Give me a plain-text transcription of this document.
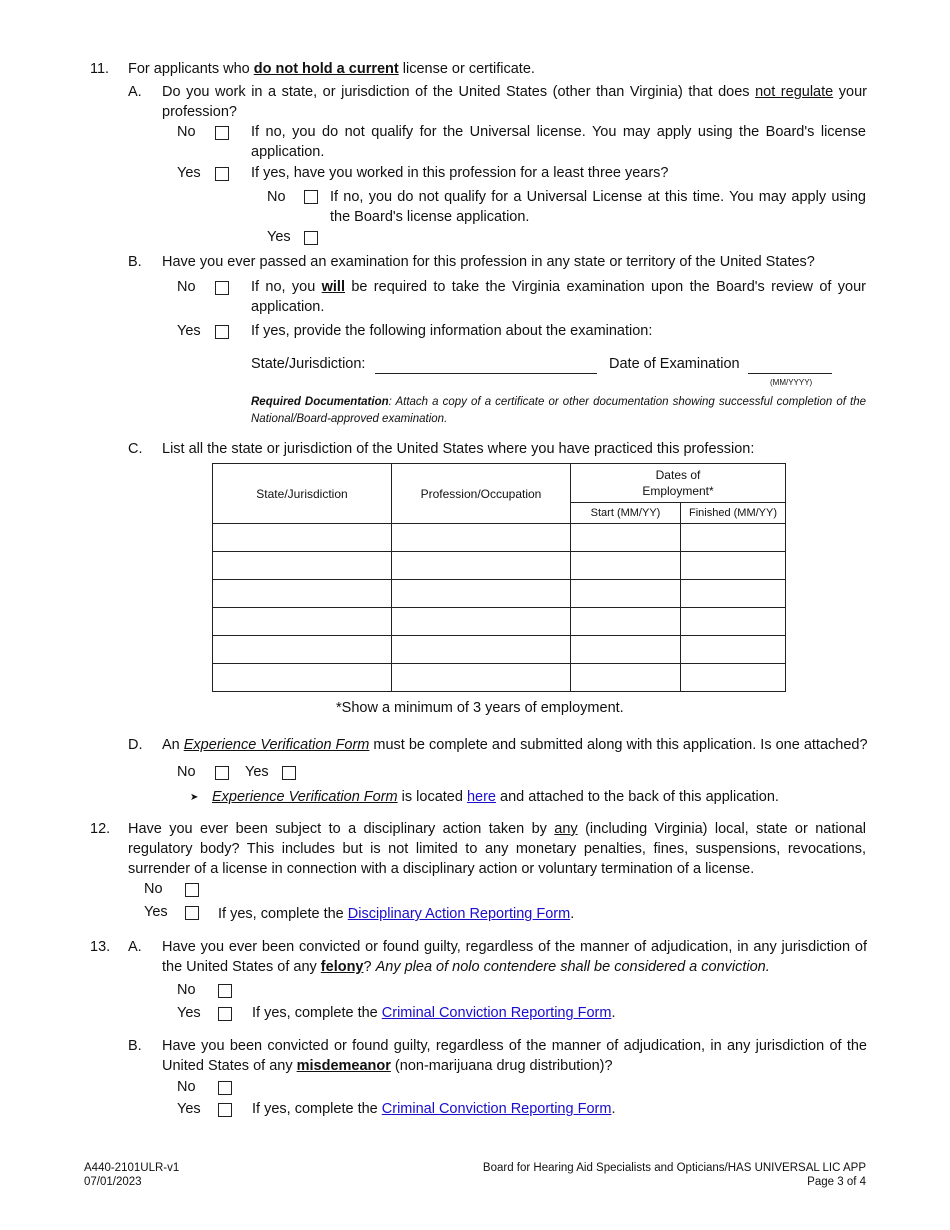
11. For applicants who do not hold a current license or certificate.
A. Do you work in a state, or jurisdiction of the United States (other than Virginia) that does not regulate your profession?
No	If no, you do not qualify for the Universal license. You may apply using the Board's license application.
Yes	If yes, have you worked in this profession for a least three years?
No	If no, you do not qualify for a Universal License at this time. You may apply using the Board's license application.
Yes
B. Have you ever passed an examination for this profession in any state or territory of the United States?
No	If no, you will be required to take the Virginia examination upon the Board's review of your application.
Yes	If yes, provide the following information about the examination:
State/Jurisdiction:	Date of Examination
(MM/YYYY)
Required Documentation: Attach a copy of a certificate or other documentation showing successful completion of the National/Board-approved examination.
C. List all the state or jurisdiction of the United States where you have practiced this profession:
State/Jurisdiction	Profession/Occupation	Dates of Employment*	

		Start (MM/YY)	Finished (MM/YY)

*Show a minimum of 3 years of employment.
D. An Experience Verification Form must be complete and submitted along with this application. Is one attached?
No	Yes
➤ Experience Verification Form is located here and attached to the back of this application.
12. Have you ever been subject to a disciplinary action taken by any (including Virginia) local, state or national regulatory body? This includes but is not limited to any monetary penalties, fines, suspensions, revocations, surrender of a license in connection with a disciplinary action or voluntary termination of a license.
No
Yes	If yes, complete the Disciplinary Action Reporting Form.
13. A. Have you ever been convicted or found guilty, regardless of the manner of adjudication, in any jurisdiction of the United States of any felony? Any plea of nolo contendere shall be considered a conviction.
No
Yes	If yes, complete the Criminal Conviction Reporting Form.
B. Have you been convicted or found guilty, regardless of the manner of adjudication, in any jurisdiction of the United States of any misdemeanor (non-marijuana drug distribution)?
No
Yes	If yes, complete the Criminal Conviction Reporting Form.
A440-2101ULR-v1
07/01/2023
Board for Hearing Aid Specialists and Opticians/HAS UNIVERSAL LIC APP
Page 3 of 4
